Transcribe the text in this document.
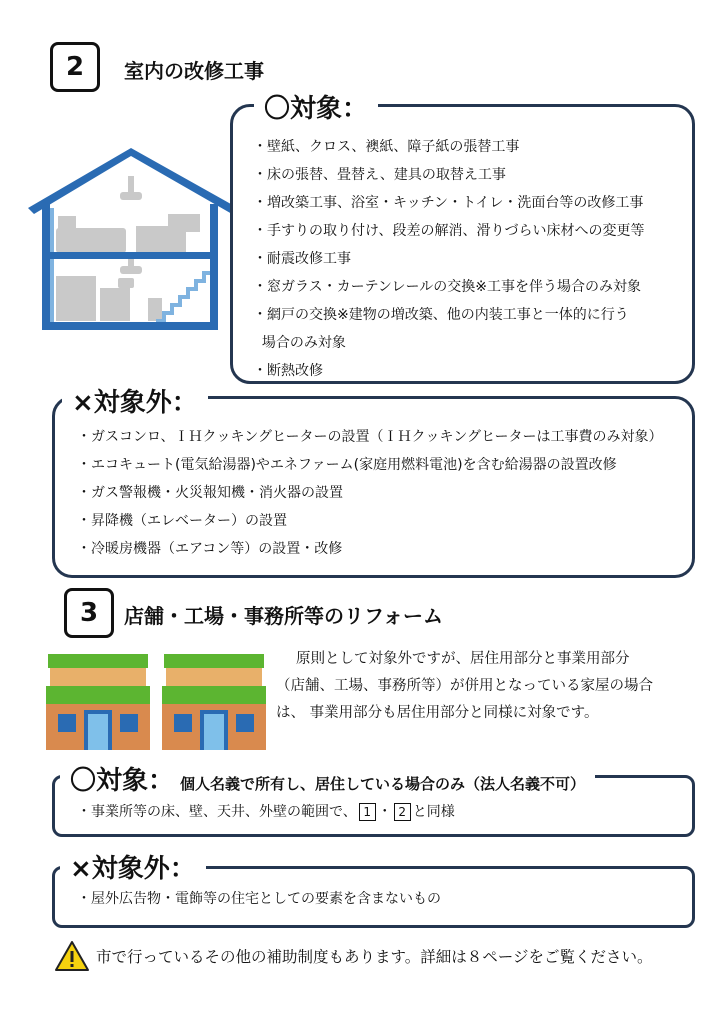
2 室内の改修工事
・壁紙、クロス、襖紙、障子紙の張替工事
・床の張替、畳替え、建具の取替え工事
・増改築工事、浴室・キッチン・トイレ・洗面台等の改修工事
・手すりの取り付け、段差の解消、滑りづらい床材への変更等
・耐震改修工事
・窓ガラス・カーテンレールの交換※工事を伴う場合のみ対象
・網戸の交換※建物の増改築、他の内装工事と一体的に行う
場合のみ対象
・断熱改修
〇対象：
・ガスコンロ、ＩＨクッキングヒーターの設置（ＩＨクッキングヒーターは工事費のみ対象）
・エコキュート(電気給湯器)やエネファーム(家庭用燃料電池)を含む給湯器の設置改修
・ガス警報機・火災報知機・消火器の設置
・昇降機（エレベーター）の設置
・冷暖房機器（エアコン等）の設置・改修
×対象外：
3 店舗・工場・事務所等のリフォーム
原則として対象外ですが、居住用部分と事業用部分
（店舗、工場、事務所等）が併用となっている家屋の場合
は、 事業用部分も居住用部分と同様に対象です。
・事業所等の床、壁、天井、外壁の範囲で、 1 ・ 2 と同様
〇対象： 個人名義で所有し、居住している場合のみ（法人名義不可）
・屋外広告物・電飾等の住宅としての要素を含まないもの
×対象外：
市で行っているその他の補助制度もあります。詳細は８ページをご覧ください。
